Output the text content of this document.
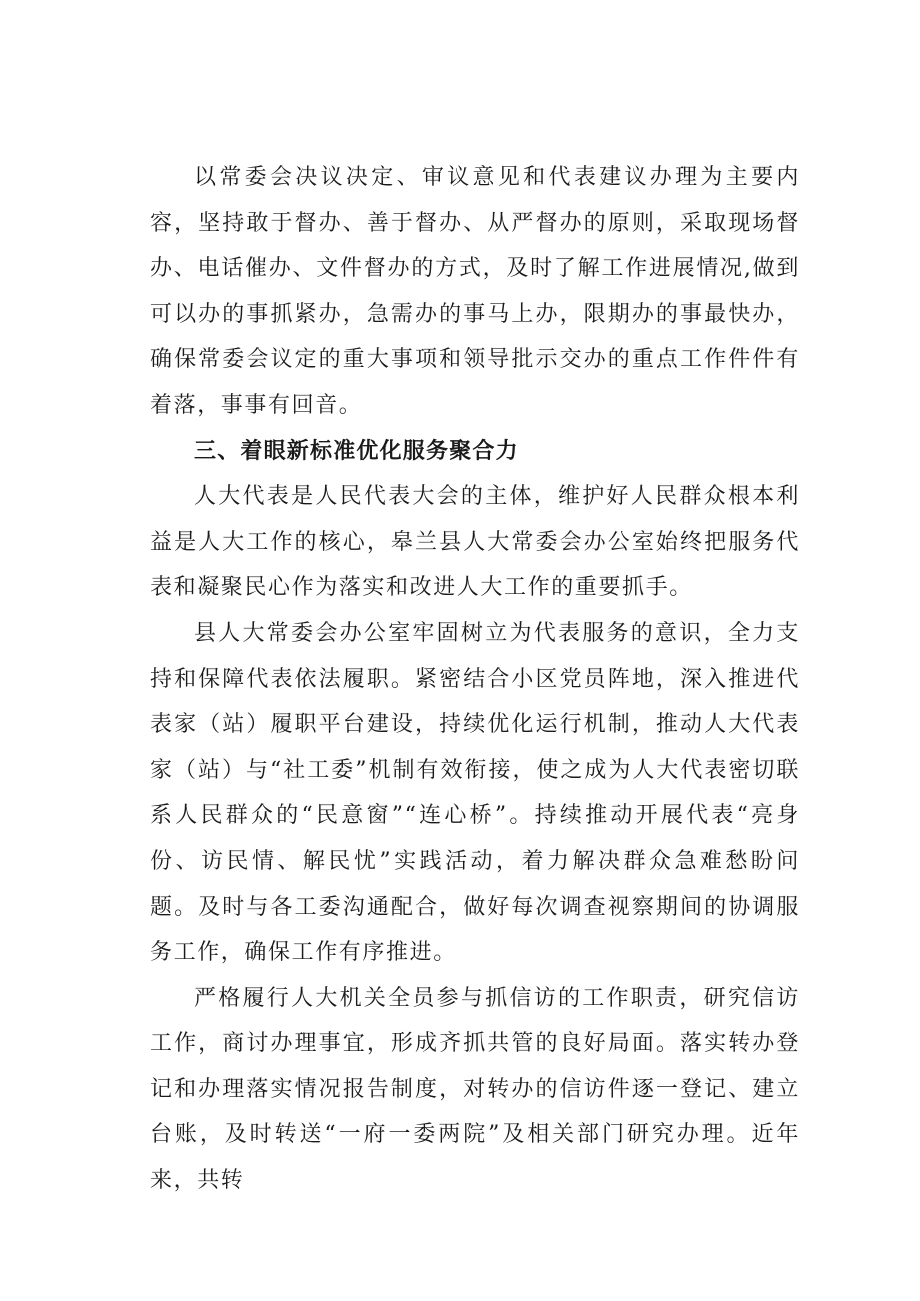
以常委会决议决定、审议意见和代表建议办理为主要内容，坚持敢于督办、善于督办、从严督办的原则，采取现场督办、电话催办、文件督办的方式，及时了解工作进展情况,做到可以办的事抓紧办，急需办的事马上办，限期办的事最快办，确保常委会议定的重大事项和领导批示交办的重点工作件件有着落，事事有回音。

三、着眼新标准优化服务聚合力

人大代表是人民代表大会的主体，维护好人民群众根本利益是人大工作的核心，皋兰县人大常委会办公室始终把服务代表和凝聚民心作为落实和改进人大工作的重要抓手。

县人大常委会办公室牢固树立为代表服务的意识，全力支持和保障代表依法履职。紧密结合小区党员阵地，深入推进代表家（站）履职平台建设，持续优化运行机制，推动人大代表家（站）与“社工委”机制有效衔接，使之成为人大代表密切联系人民群众的“民意窗”“连心桥”。持续推动开展代表“亮身份、访民情、解民忧”实践活动，着力解决群众急难愁盼问题。及时与各工委沟通配合，做好每次调查视察期间的协调服务工作，确保工作有序推进。

严格履行人大机关全员参与抓信访的工作职责，研究信访工作，商讨办理事宜，形成齐抓共管的良好局面。落实转办登记和办理落实情况报告制度，对转办的信访件逐一登记、建立台账，及时转送“一府一委两院”及相关部门研究办理。近年来，共转
